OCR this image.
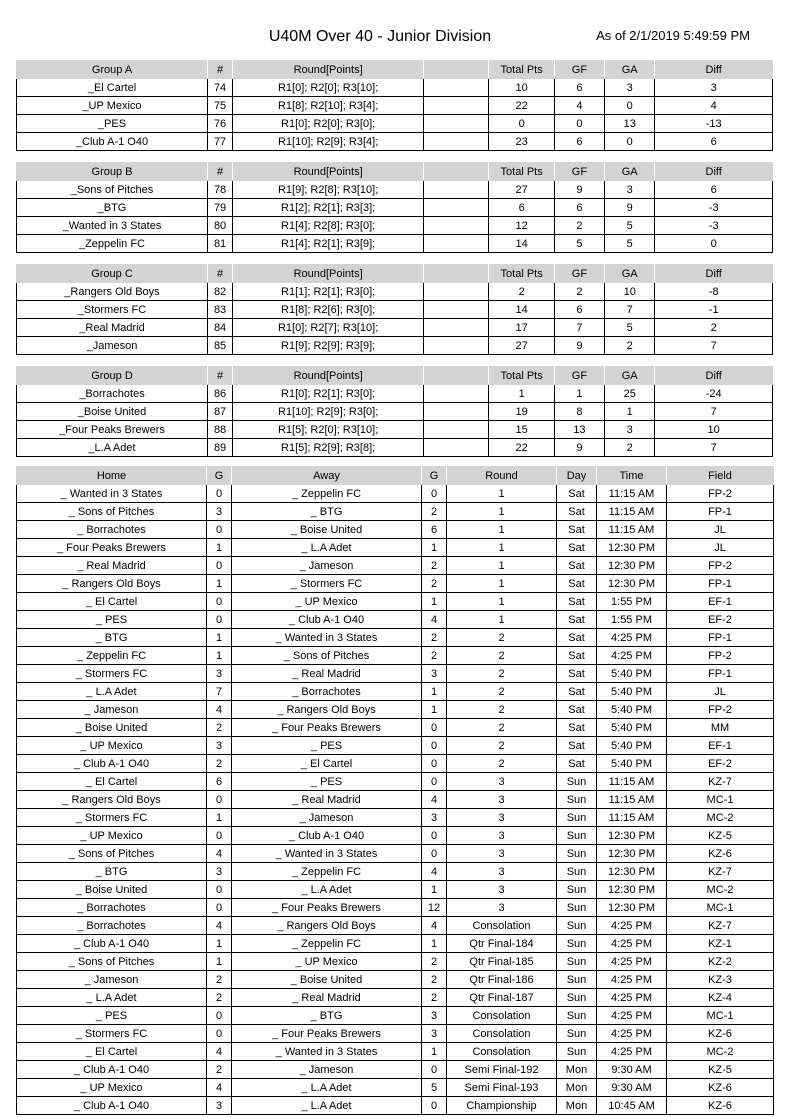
U40M Over 40 - Junior Division	As of 2/1/2019 5:49:59 PM
Group A	#	Round[Points]		Total Pts	GF	GA	Diff
_El Cartel	74	R1[0]; R2[0]; R3[10];		10	6	3	3
_UP Mexico	75	R1[8]; R2[10]; R3[4];		22	4	0	4
_PES	76	R1[0]; R2[0]; R3[0];		0	0	13	-13
_Club A-1 O40	77	R1[10]; R2[9]; R3[4];		23	6	0	6
Group B	#	Round[Points]		Total Pts	GF	GA	Diff
_Sons of Pitches	78	R1[9]; R2[8]; R3[10];		27	9	3	6
_BTG	79	R1[2]; R2[1]; R3[3];		6	6	9	-3
_Wanted in 3 States	80	R1[4]; R2[8]; R3[0];		12	2	5	-3
_Zeppelin FC	81	R1[4]; R2[1]; R3[9];		14	5	5	0
Group C	#	Round[Points]		Total Pts	GF	GA	Diff
_Rangers Old Boys	82	R1[1]; R2[1]; R3[0];		2	2	10	-8
_Stormers FC	83	R1[8]; R2[6]; R3[0];		14	6	7	-1
_Real Madrid	84	R1[0]; R2[7]; R3[10];		17	7	5	2
_Jameson	85	R1[9]; R2[9]; R3[9];		27	9	2	7
Group D	#	Round[Points]		Total Pts	GF	GA	Diff
_Borrachotes	86	R1[0]; R2[1]; R3[0];		1	1	25	-24
_Boise United	87	R1[10]; R2[9]; R3[0];		19	8	1	7
_Four Peaks Brewers	88	R1[5]; R2[0]; R3[10];		15	13	3	10
_L.A Adet	89	R1[5]; R2[9]; R3[8];		22	9	2	7
Home	G	Away	G	Round	Day	Time	Field
_ Wanted in 3 States	0	_ Zeppelin FC	0	1	Sat	11:15 AM	FP-2
_ Sons of Pitches	3	_ BTG	2	1	Sat	11:15 AM	FP-1
_ Borrachotes	0	_ Boise United	6	1	Sat	11:15 AM	JL
_ Four Peaks Brewers	1	_ L.A Adet	1	1	Sat	12:30 PM	JL
_ Real Madrid	0	_ Jameson	2	1	Sat	12:30 PM	FP-2
_ Rangers Old Boys	1	_ Stormers FC	2	1	Sat	12:30 PM	FP-1
_ El Cartel	0	_ UP Mexico	1	1	Sat	1:55 PM	EF-1
_ PES	0	_ Club A-1 O40	4	1	Sat	1:55 PM	EF-2
_ BTG	1	_ Wanted in 3 States	2	2	Sat	4:25 PM	FP-1
_ Zeppelin FC	1	_ Sons of Pitches	2	2	Sat	4:25 PM	FP-2
_ Stormers FC	3	_ Real Madrid	3	2	Sat	5:40 PM	FP-1
_ L.A Adet	7	_ Borrachotes	1	2	Sat	5:40 PM	JL
_ Jameson	4	_ Rangers Old Boys	1	2	Sat	5:40 PM	FP-2
_ Boise United	2	_ Four Peaks Brewers	0	2	Sat	5:40 PM	MM
_ UP Mexico	3	_ PES	0	2	Sat	5:40 PM	EF-1
_ Club A-1 O40	2	_ El Cartel	0	2	Sat	5:40 PM	EF-2
_ El Cartel	6	_ PES	0	3	Sun	11:15 AM	KZ-7
_ Rangers Old Boys	0	_ Real Madrid	4	3	Sun	11:15 AM	MC-1
_ Stormers FC	1	_ Jameson	3	3	Sun	11:15 AM	MC-2
_ UP Mexico	0	_ Club A-1 O40	0	3	Sun	12:30 PM	KZ-5
_ Sons of Pitches	4	_ Wanted in 3 States	0	3	Sun	12:30 PM	KZ-6
_ BTG	3	_ Zeppelin FC	4	3	Sun	12:30 PM	KZ-7
_ Boise United	0	_ L.A Adet	1	3	Sun	12:30 PM	MC-2
_ Borrachotes	0	_ Four Peaks Brewers	12	3	Sun	12:30 PM	MC-1
_ Borrachotes	4	_ Rangers Old Boys	4	Consolation	Sun	4:25 PM	KZ-7
_ Club A-1 O40	1	_ Zeppelin FC	1	Qtr Final-184	Sun	4:25 PM	KZ-1
_ Sons of Pitches	1	_ UP Mexico	2	Qtr Final-185	Sun	4:25 PM	KZ-2
_ Jameson	2	_ Boise United	2	Qtr Final-186	Sun	4:25 PM	KZ-3
_ L.A Adet	2	_ Real Madrid	2	Qtr Final-187	Sun	4:25 PM	KZ-4
_ PES	0	_ BTG	3	Consolation	Sun	4:25 PM	MC-1
_ Stormers FC	0	_ Four Peaks Brewers	3	Consolation	Sun	4:25 PM	KZ-6
_ El Cartel	4	_ Wanted in 3 States	1	Consolation	Sun	4:25 PM	MC-2
_ Club A-1 O40	2	_ Jameson	0	Semi Final-192	Mon	9:30 AM	KZ-5
_ UP Mexico	4	_ L.A Adet	5	Semi Final-193	Mon	9:30 AM	KZ-6
_ Club A-1 O40	3	_ L.A Adet	0	Championship	Mon	10:45 AM	KZ-6
